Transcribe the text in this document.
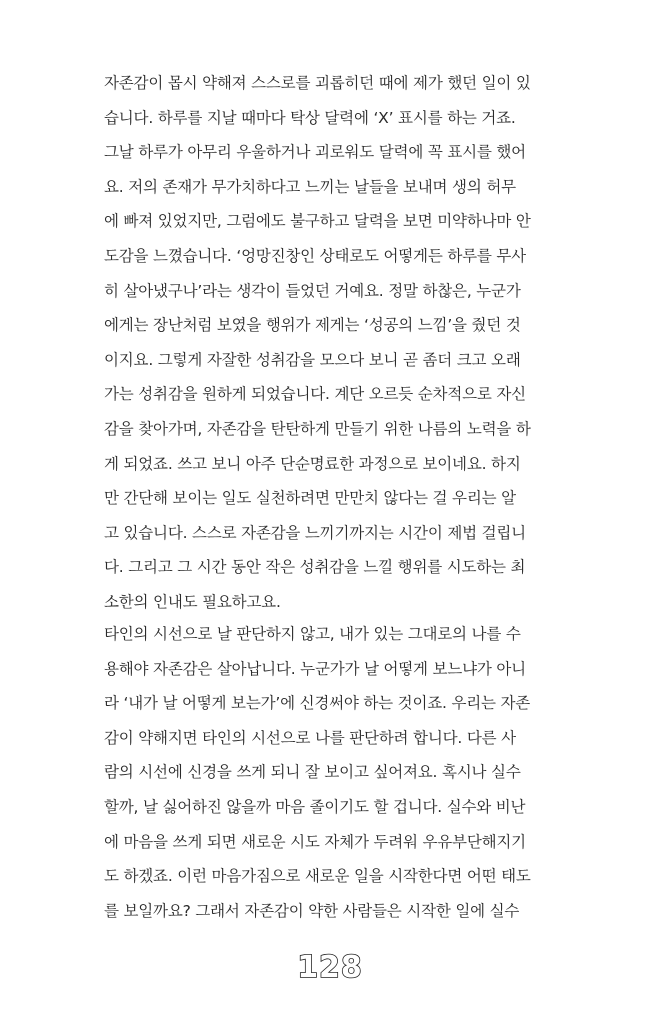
자존감이 몹시 약해져 스스로를 괴롭히던 때에 제가 했던 일이 있
습니다. 하루를 지날 때마다 탁상 달력에 ‘X’ 표시를 하는 거죠.
그날 하루가 아무리 우울하거나 괴로워도 달력에 꼭 표시를 했어
요. 저의 존재가 무가치하다고 느끼는 날들을 보내며 생의 허무
에 빠져 있었지만, 그럼에도 불구하고 달력을 보면 미약하나마 안
도감을 느꼈습니다. ‘엉망진창인 상태로도 어떻게든 하루를 무사
히 살아냈구나’라는 생각이 들었던 거예요. 정말 하찮은, 누군가
에게는 장난처럼 보였을 행위가 제게는 ‘성공의 느낌’을 줬던 것
이지요. 그렇게 자잘한 성취감을 모으다 보니 곧 좀더 크고 오래
가는 성취감을 원하게 되었습니다. 계단 오르듯 순차적으로 자신
감을 찾아가며, 자존감을 탄탄하게 만들기 위한 나름의 노력을 하
게 되었죠. 쓰고 보니 아주 단순명료한 과정으로 보이네요. 하지
만 간단해 보이는 일도 실천하려면 만만치 않다는 걸 우리는 알
고 있습니다. 스스로 자존감을 느끼기까지는 시간이 제법 걸립니
다. 그리고 그 시간 동안 작은 성취감을 느낄 행위를 시도하는 최
소한의 인내도 필요하고요.
타인의 시선으로 날 판단하지 않고, 내가 있는 그대로의 나를 수
용해야 자존감은 살아납니다. 누군가가 날 어떻게 보느냐가 아니
라 ‘내가 날 어떻게 보는가’에 신경써야 하는 것이죠. 우리는 자존
감이 약해지면 타인의 시선으로 나를 판단하려 합니다. 다른 사
람의 시선에 신경을 쓰게 되니 잘 보이고 싶어져요. 혹시나 실수
할까, 날 싫어하진 않을까 마음 졸이기도 할 겁니다. 실수와 비난
에 마음을 쓰게 되면 새로운 시도 자체가 두려워 우유부단해지기
도 하겠죠. 이런 마음가짐으로 새로운 일을 시작한다면 어떤 태도
를 보일까요? 그래서 자존감이 약한 사람들은 시작한 일에 실수
128
